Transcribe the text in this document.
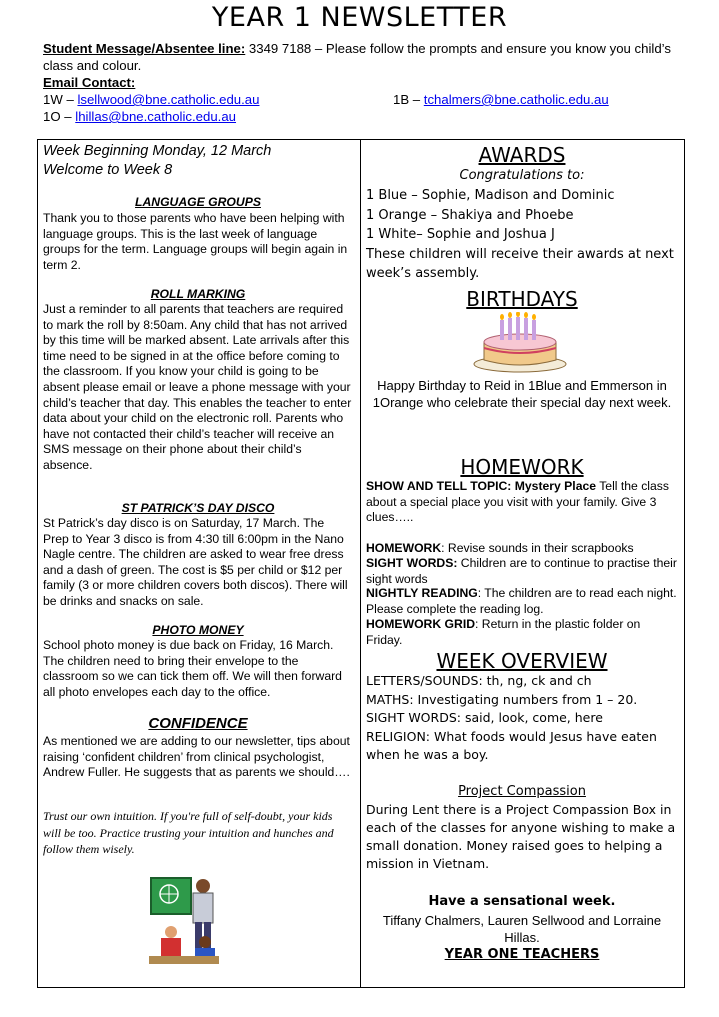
YEAR 1 NEWSLETTER
Student Message/Absentee line: 3349 7188 – Please follow the prompts and ensure you know you child’s class and colour.
Email Contact:
1W – lsellwood@bne.catholic.edu.au	1B – tchalmers@bne.catholic.edu.au
1O – lhillas@bne.catholic.edu.au
Week Beginning Monday, 12 March
Welcome to Week 8
LANGUAGE GROUPS
Thank you to those parents who have been helping with language groups. This is the last week of language groups for the term. Language groups will begin again in term 2.
ROLL MARKING
Just a reminder to all parents that teachers are required to mark the roll by 8:50am. Any child that has not arrived by this time will be marked absent. Late arrivals after this time need to be signed in at the office before coming to the classroom. If you know your child is going to be absent please email or leave a phone message with your child’s teacher that day. This enables the teacher to enter data about your child on the electronic roll. Parents who have not contacted their child’s teacher will receive an SMS message on their phone about their child’s absence.
ST PATRICK’S DAY DISCO
St Patrick’s day disco is on Saturday, 17 March. The Prep to Year 3 disco is from 4:30 till 6:00pm in the Nano Nagle centre. The children are asked to wear free dress and a dash of green. The cost is $5 per child or $12 per family (3 or more children covers both discos). There will be drinks and snacks on sale.
PHOTO MONEY
School photo money is due back on Friday, 16 March. The children need to bring their envelope to the classroom so we can tick them off. We will then forward all photo envelopes each day to the office.
CONFIDENCE
As mentioned we are adding to our newsletter, tips about raising ‘confident children’ from clinical psychologist, Andrew Fuller. He suggests that as parents we should….
Trust our own intuition. If you're full of self-doubt, your kids will be too. Practice trusting your intuition and hunches and follow them wisely.
AWARDS
Congratulations to:
1 Blue – Sophie, Madison and Dominic
1 Orange – Shakiya and Phoebe
1 White– Sophie and Joshua J
These children will receive their awards at next week’s assembly.
BIRTHDAYS
Happy Birthday to Reid in 1Blue and Emmerson in 1Orange who celebrate their special day next week.
HOMEWORK
SHOW AND TELL TOPIC: Mystery Place Tell the class about a special place you visit with your family. Give 3 clues…..
HOMEWORK: Revise sounds in their scrapbooks
SIGHT WORDS: Children are to continue to practise their sight words
NIGHTLY READING: The children are to read each night. Please complete the reading log.
HOMEWORK GRID: Return in the plastic folder on Friday.
WEEK OVERVIEW
LETTERS/SOUNDS: th, ng, ck and ch
MATHS: Investigating numbers from 1 – 20.
SIGHT WORDS: said, look, come, here
RELIGION: What foods would Jesus have eaten when he was a boy.
Project Compassion
During Lent there is a Project Compassion Box in each of the classes for anyone wishing to make a small donation. Money raised goes to helping a mission in Vietnam.
Have a sensational week.
Tiffany Chalmers, Lauren Sellwood and Lorraine Hillas.
YEAR ONE TEACHERS
